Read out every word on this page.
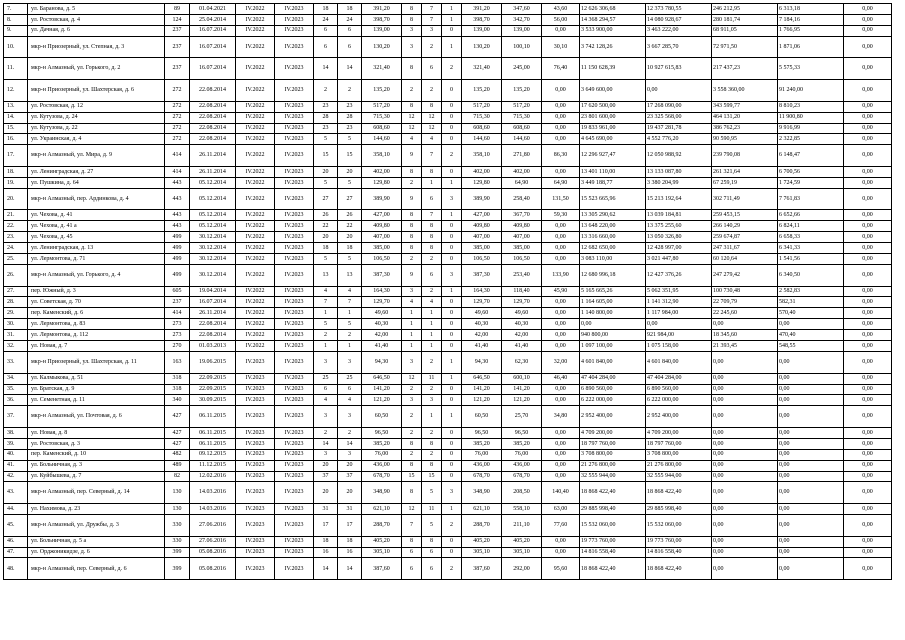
7.	ул. Баранова, д. 5	89	01.04.2021	IV.2022	IV.2023	18	18	391,20	8	7	1	391,20	347,60	43,60	12 626 306,68	12 373 780,55	246 212,95	6 313,18	0,00
8.	ул. Ростовская, д. 4	124	25.04.2014	IV.2022	IV.2023	24	24	398,70	8	7	1	398,70	342,70	56,00	14 368 294,57	14 080 928,67	280 181,74	7 184,16	0,00
9.	ул. Дачная, д. 6	237	16.07.2014	IV.2022	IV.2023	6	6	139,00	3	3	0	139,00	139,00	0,00	3 533 900,00	3 463 222,00	68 911,05	1 766,95	0,00
10.	мкр-н Приозерный, ул. Степная, д. 3	237	16.07.2014	IV.2022	IV.2023	6	6	130,20	3	2	1	130,20	100,10	30,10	3 742 128,26	3 667 285,70	72 971,50	1 871,06	0,00
11.	мкр-н Алмазный, ул. Горького, д. 2	237	16.07.2014	IV.2022	IV.2023	14	14	321,40	8	6	2	321,40	245,00	76,40	11 150 628,39	10 927 615,83	217 437,23	5 575,33	0,00
12.	мкр-н Приозерный, ул. Шахтерская, д. 6	272	22.08.2014	IV.2022	IV.2023	2	2	135,20	2	2	0	135,20	135,20	0,00	3 649 600,00	0,00	3 558 360,00	91 240,00	0,00
13.	ул. Ростовская, д. 12	272	22.08.2014	IV.2022	IV.2023	23	23	517,20	8	8	0	517,20	517,20	0,00	17 620 500,00	17 268 090,00	343 599,77	8 810,23	0,00
14.	ул. Кутузова, д. 24	272	22.08.2014	IV.2022	IV.2023	28	28	715,30	12	12	0	715,30	715,30	0,00	23 801 600,00	23 325 568,00	464 131,20	11 900,80	0,00
15.	ул. Кутузова, д. 22	272	22.08.2014	IV.2022	IV.2023	23	23	608,60	12	12	0	608,60	608,60	0,00	19 833 961,00	19 437 281,78	386 762,23	9 916,99	0,00
16.	ул. Украинская, д. 4	272	22.08.2014	IV.2022	IV.2023	5	5	144,60	4	4	0	144,60	144,60	0,00	4 645 690,00	4 552 776,20	90 590,95	2 322,85	0,00
17.	мкр-н Алмазный, ул. Мира, д. 9	414	26.11.2014	IV.2022	IV.2023	15	15	358,10	9	7	2	358,10	271,80	86,30	12 296 927,47	12 050 988,92	239 790,08	6 148,47	0,00
18.	ул. Ленинградская, д. 27	414	26.11.2014	IV.2022	IV.2023	20	20	402,00	8	8	0	402,00	402,00	0,00	13 401 110,00	13 133 087,80	261 321,64	6 700,56	0,00
19.	ул. Пушкина, д. 64	443	05.12.2014	IV.2022	IV.2023	5	5	129,80	2	1	1	129,80	64,90	64,90	3 449 188,77	3 380 204,99	67 259,19	1 724,59	0,00
20.	мкр-н Алмазный, пер. Ардинкова, д. 4	443	05.12.2014	IV.2022	IV.2023	27	27	389,90	9	6	3	389,90	258,40	131,50	15 523 665,96	15 213 192,64	302 711,49	7 761,83	0,00
21.	ул. Чехова, д. 41	443	05.12.2014	IV.2022	IV.2023	26	26	427,00	8	7	1	427,00	367,70	59,30	13 305 290,62	13 039 184,81	259 453,15	6 652,66	0,00
22.	ул. Чехова, д. 41 а	443	05.12.2014	IV.2022	IV.2023	22	22	409,80	8	8	0	409,80	409,80	0,00	13 648 220,00	13 375 255,60	266 140,29	6 824,11	0,00
23.	ул. Чехова, д. 45	499	30.12.2014	IV.2022	IV.2023	20	20	407,00	8	8	0	407,00	407,00	0,00	13 316 660,00	13 050 326,80	259 674,87	6 658,33	0,00
24.	ул. Ленинградская, д. 13	499	30.12.2014	IV.2022	IV.2023	18	18	385,00	8	8	0	385,00	385,00	0,00	12 682 650,00	12 428 997,00	247 311,67	6 341,33	0,00
25.	ул. Лермонтова, д. 71	499	30.12.2014	IV.2022	IV.2023	5	5	106,50	2	2	0	106,50	106,50	0,00	3 083 110,00	3 021 447,80	60 120,64	1 541,56	0,00
26.	мкр-н Алмазный, ул. Горького, д. 4	499	30.12.2014	IV.2022	IV.2023	13	13	387,30	9	6	3	387,30	253,40	133,90	12 680 996,18	12 427 376,26	247 279,42	6 340,50	0,00
27.	пер. Южный, д. 3	605	19.04.2014	IV.2022	IV.2023	4	4	164,30	3	2	1	164,30	118,40	45,90	5 165 665,26	5 062 351,95	100 730,48	2 582,83	0,00
28.	ул. Советская, д. 70	237	16.07.2014	IV.2022	IV.2023	7	7	129,70	4	4	0	129,70	129,70	0,00	1 164 605,00	1 141 312,90	22 709,79	582,31	0,00
29.	пер. Каменский, д. 6	414	26.11.2014	IV.2022	IV.2023	1	1	49,60	1	1	0	49,60	49,60	0,00	1 140 800,00	1 117 984,00	22 245,60	570,40	0,00
30.	ул. Лермонтова, д. 83	273	22.08.2014	IV.2022	IV.2023	5	5	40,30	1	1	0	40,30	40,30	0,00	0,00	0,00	0,00	0,00	0,00
31.	ул. Лермонтова, д. 112	273	22.08.2014	IV.2022	IV.2023	2	2	42,00	1	1	0	42,00	42,00	0,00	940 800,00	921 984,00	18 345,60	470,40	0,00
32.	ул. Новая, д. 7	270	01.03.2013	IV.2022	IV.2023	1	1	41,40	1	1	0	41,40	41,40	0,00	1 097 100,00	1 075 158,00	21 393,45	548,55	0,00
33.	мкр-н Приозерный, ул. Шахтерская, д. 11	163	19.06.2015	IV.2023	IV.2023	3	3	94,30	3	2	1	94,30	62,30	32,00	4 601 840,00	4 601 840,00	0,00	0,00	0,00
34.	ул. Калмыкова, д. 51	318	22.09.2015	IV.2023	IV.2023	25	25	646,50	12	11	1	646,50	600,10	46,40	47 404 284,00	47 404 284,00	0,00	0,00	0,00
35.	ул. Братская, д. 9	318	22.09.2015	IV.2023	IV.2023	6	6	141,20	2	2	0	141,20	141,20	0,00	6 890 560,00	6 890 560,00	0,00	0,00	0,00
36.	ул. Семенетная, д. 11	340	30.09.2015	IV.2023	IV.2023	4	4	121,20	3	3	0	121,20	121,20	0,00	6 222 000,00	6 222 000,00	0,00	0,00	0,00
37.	мкр-н Алмазный, ул. Почтовая, д. 6	427	06.11.2015	IV.2023	IV.2023	3	3	60,50	2	1	1	60,50	25,70	34,80	2 952 400,00	2 952 400,00	0,00	0,00	0,00
38.	ул. Новая, д. 8	427	06.11.2015	IV.2023	IV.2023	2	2	96,50	2	2	0	96,50	96,50	0,00	4 709 200,00	4 709 200,00	0,00	0,00	0,00
39.	ул. Ростовская, д. 3	427	06.11.2015	IV.2023	IV.2023	14	14	385,20	8	8	0	385,20	385,20	0,00	18 797 760,00	18 797 760,00	0,00	0,00	0,00
40.	пер. Каменский, д. 10	482	09.12.2015	IV.2023	IV.2023	3	3	76,00	2	2	0	76,00	76,00	0,00	3 708 800,00	3 708 800,00	0,00	0,00	0,00
41.	ул. Больничная, д. 3	489	11.12.2015	IV.2023	IV.2023	20	20	436,00	8	8	0	436,00	436,00	0,00	21 276 800,00	21 276 800,00	0,00	0,00	0,00
42.	ул. Куйбышева, д. 7	82	12.02.2016	IV.2023	IV.2023	37	37	678,70	15	15	0	678,70	678,70	0,00	32 555 944,00	32 555 944,00	0,00	0,00	0,00
43.	мкр-н Алмазный, пер. Северный, д. 14	130	14.03.2016	IV.2023	IV.2023	20	20	348,90	8	5	3	348,90	208,50	140,40	18 868 422,40	18 868 422,40	0,00	0,00	0,00
44.	ул. Нахимова, д. 23	130	14.03.2016	IV.2023	IV.2023	31	31	621,10	12	11	1	621,10	558,10	63,00	29 885 998,40	29 885 998,40	0,00	0,00	0,00
45.	мкр-н Алмазный, ул. Дружбы, д. 3	330	27.06.2016	IV.2023	IV.2023	17	17	288,70	7	5	2	288,70	211,10	77,60	15 532 060,00	15 532 060,00	0,00	0,00	0,00
46.	ул. Больничная, д. 5 а	330	27.06.2016	IV.2023	IV.2023	18	18	405,20	8	8	0	405,20	405,20	0,00	19 773 760,00	19 773 760,00	0,00	0,00	0,00
47.	ул. Орджоникидзе, д. 6	399	05.08.2016	IV.2023	IV.2023	16	16	305,10	6	6	0	305,10	305,10	0,00	14 816 558,40	14 816 558,40	0,00	0,00	0,00
48.	мкр-н Алмазный, пер. Северный, д. 6	399	05.08.2016	IV.2023	IV.2023	14	14	387,60	6	6	2	387,60	292,00	95,60	18 868 422,40	18 868 422,40	0,00	0,00	0,00
